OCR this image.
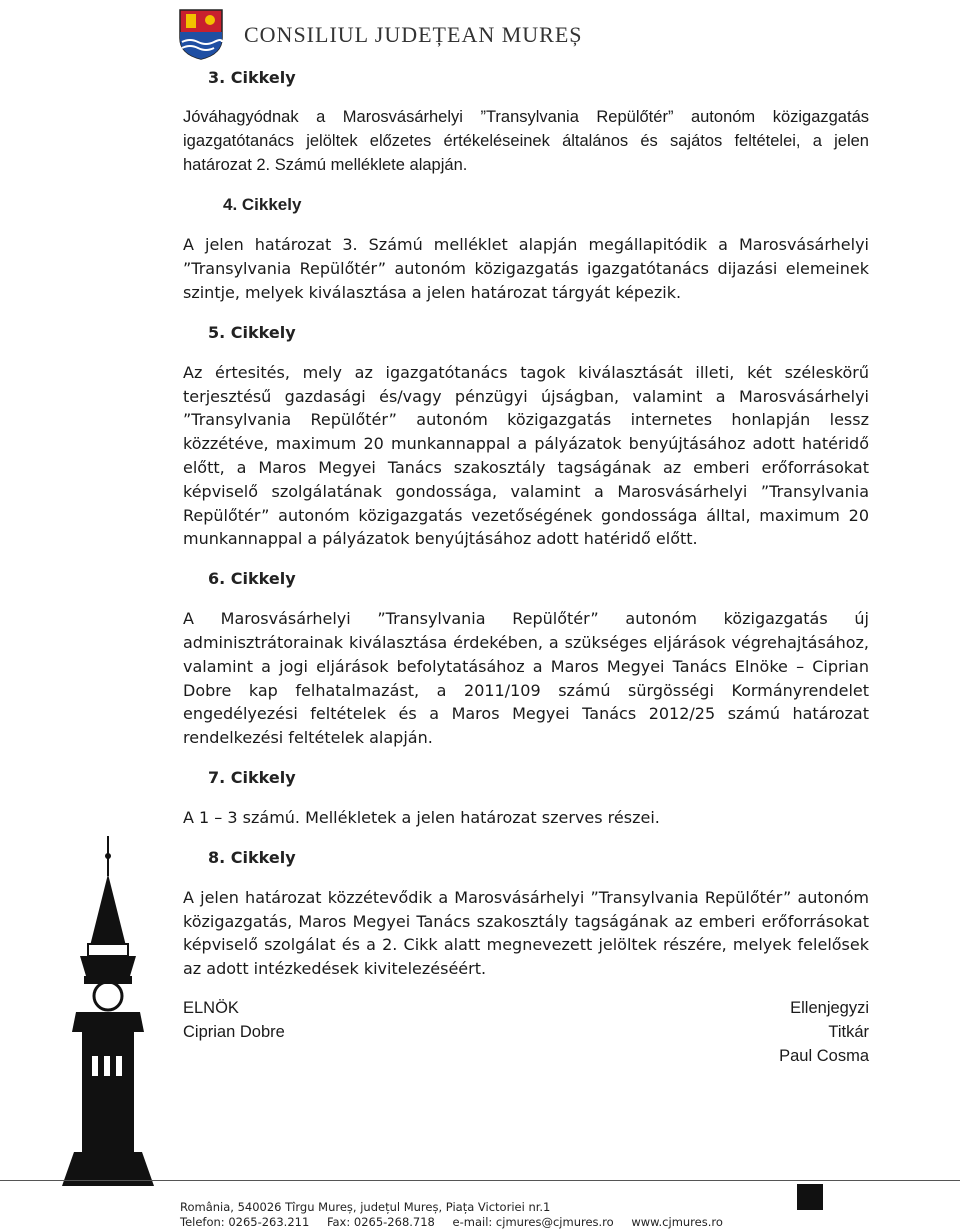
CONSILIUL JUDEȚEAN MUREȘ
3. Cikkely

Jóváhagyódnak a Marosvásárhelyi ”Transylvania Repülőtér” autonóm közigazgatás igazgatótanács jelöltek előzetes értékeléseinek általános és sajátos feltételei, a jelen határozat 2. Számú melléklete alapján.

4. Cikkely

A jelen határozat 3. Számú melléklet alapján megállapitódik a Marosvásárhelyi ”Transylvania Repülőtér” autonóm közigazgatás igazgatótanács dijazási elemeinek szintje, melyek kiválasztása a jelen határozat tárgyát képezik.

5. Cikkely

Az értesités, mely az igazgatótanács tagok kiválasztását illeti, két széleskörű terjesztésű gazdasági és/vagy pénzügyi újságban, valamint a Marosvásárhelyi ”Transylvania Repülőtér” autonóm közigazgatás internetes honlapján lessz közzétéve, maximum 20 munkannappal a pályázatok benyújtásához adott hatéridő előtt, a Maros Megyei Tanács szakosztály tagságának az emberi erőforrásokat képviselő szolgálatának gondossága, valamint a Marosvásárhelyi ”Transylvania Repülőtér” autonóm közigazgatás vezetőségének gondossága álltal, maximum 20 munkannappal a pályázatok benyújtásához adott hatéridő előtt.

6. Cikkely

A Marosvásárhelyi ”Transylvania Repülőtér” autonóm közigazgatás új adminisztrátorainak kiválasztása érdekében, a szükséges eljárások végrehajtásához, valamint a jogi eljárások befolytatásához a Maros Megyei Tanács Elnöke – Ciprian Dobre kap felhatalmazást, a 2011/109 számú sürgösségi Kormányrendelet engedélyezési feltételek és a Maros Megyei Tanács 2012/25 számú határozat rendelkezési feltételek alapján.

7. Cikkely

A 1 – 3 számú. Mellékletek a jelen határozat szerves részei.

8. Cikkely

A jelen határozat közzétevődik a Marosvásárhelyi ”Transylvania Repülőtér” autonóm közigazgatás, Maros Megyei Tanács szakosztály tagságának az emberi erőforrásokat képviselő szolgálat és a 2. Cikk alatt megnevezett jelöltek részére, melyek felelősek az adott intézkedések kivitelezéséért.

ELNÖK
Ciprian Dobre
Ellenjegyzi
Titkár
Paul Cosma
România, 540026 Tîrgu Mureș, județul Mureș, Piața Victoriei nr.1
Telefon: 0265-263.211 Fax: 0265-268.718 e-mail: cjmures@cjmures.ro www.cjmures.ro
